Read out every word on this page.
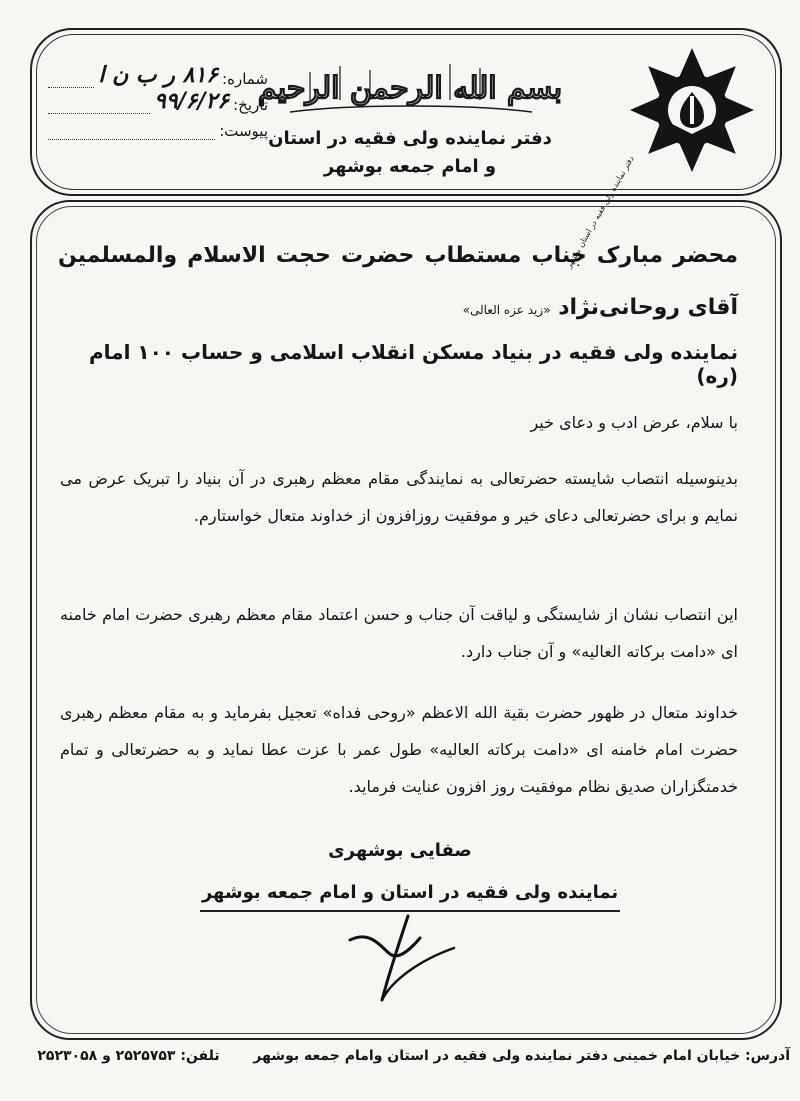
دفتر نماینده ولی فقیه در استان بوشهر
بسم الله الرحمن الرحيم
دفتر نماینده ولی فقیه در استان
و امام جمعه بوشهر
شماره:
۸۱۶ ر ب ن ا
تاریخ:
۹۹/۶/۲۶
پیوست:
محضر مبارک جناب مستطاب حضرت حجت الاسلام والمسلمین آقای روحانی‌نژاد «زید عزه العالی»
نماینده ولی فقیه در بنیاد مسکن انقلاب اسلامی و حساب ۱۰۰ امام (ره)
با سلام، عرض ادب و دعای خیر
بدینوسیله انتصاب شایسته حضرتعالی به نمایندگی مقام معظم رهبری در آن بنیاد را تبریک عرض می نمایم و برای حضرتعالی دعای خیر و موفقیت روزافزون از خداوند متعال خواستارم.
این انتصاب نشان از شایستگی و لیاقت آن جناب و حسن اعتماد مقام معظم رهبری حضرت امام خامنه ای «دامت برکاته العالیه» و آن جناب دارد.
خداوند متعال در ظهور حضرت بقیة الله الاعظم «روحی فداه» تعجیل بفرماید و به مقام معظم رهبری حضرت امام خامنه ای «دامت برکاته العالیه» طول عمر با عزت عطا نماید و به حضرتعالی و تمام خدمتگزاران صدیق نظام موفقیت روز افزون عنایت فرماید.
صفایی بوشهری
نماینده ولی فقیه در استان و امام جمعه بوشهر
آدرس: خیابان امام خمینی دفتر نماینده ولی فقیه در استان وامام جمعه بوشهر  تلفن: ۲۵۲۵۷۵۳ و ۲۵۲۳۰۵۸
